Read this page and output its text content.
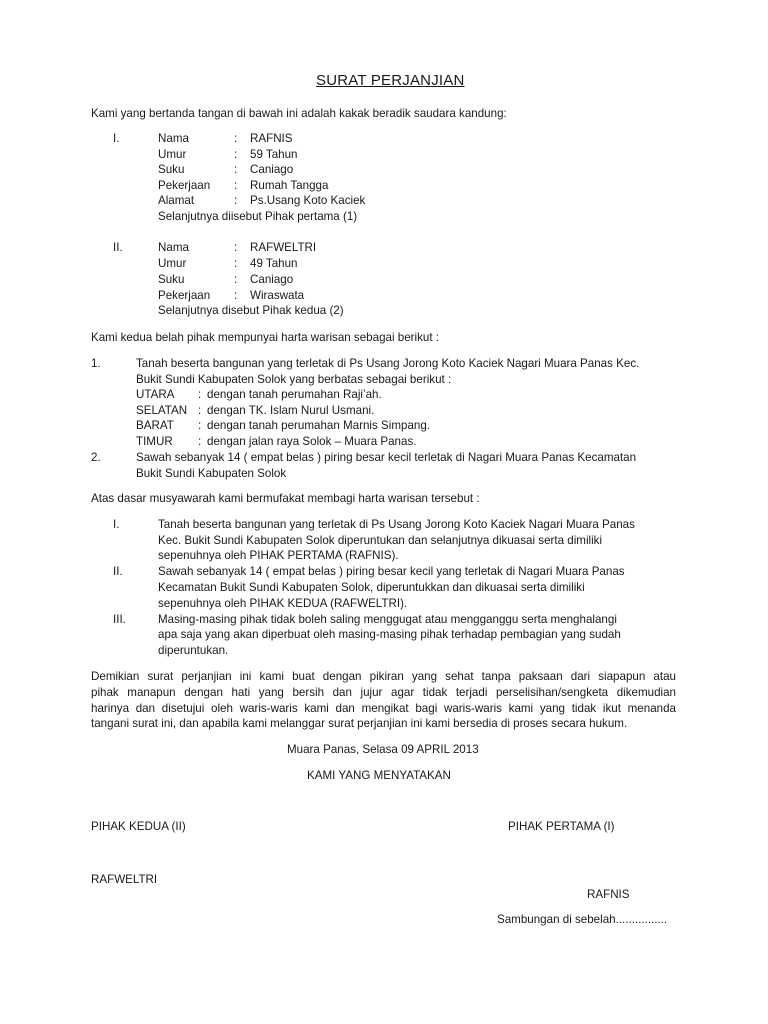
SURAT PERJANJIAN
Kami yang bertanda tangan di bawah ini adalah kakak beradik saudara kandung:
I.	Nama	: RAFNIS
Umur	: 59 Tahun
Suku	: Caniago
Pekerjaan : Rumah Tangga
Alamat	: Ps.Usang Koto Kaciek
Selanjutnya diisebut Pihak pertama (1)
II.	Nama	: RAFWELTRI
Umur	: 49 Tahun
Suku	: Caniago
Pekerjaan : Wiraswata
Selanjutnya disebut Pihak kedua (2)
Kami kedua belah pihak mempunyai harta warisan sebagai berikut :
1.	Tanah beserta bangunan yang terletak di Ps Usang Jorong Koto Kaciek Nagari Muara Panas Kec.
Bukit Sundi Kabupaten Solok yang berbatas sebagai berikut :
UTARA : dengan tanah perumahan Raji’ah.
SELATAN : dengan TK. Islam Nurul Usmani.
BARAT : dengan tanah perumahan Marnis Simpang.
TIMUR : dengan jalan raya Solok – Muara Panas.
2.	Sawah sebanyak 14 ( empat belas ) piring besar kecil terletak di Nagari Muara Panas Kecamatan
Bukit Sundi Kabupaten Solok
Atas dasar musyawarah kami bermufakat membagi harta warisan tersebut :
I.	Tanah beserta bangunan yang terletak di Ps Usang Jorong Koto Kaciek Nagari Muara Panas
Kec. Bukit Sundi Kabupaten Solok diperuntukan dan selanjutnya dikuasai serta dimiliki
sepenuhnya oleh PIHAK PERTAMA (RAFNIS).
II.	Sawah sebanyak 14 ( empat belas ) piring besar kecil yang terletak di Nagari Muara Panas
Kecamatan Bukit Sundi Kabupaten Solok, diperuntukkan dan dikuasai serta dimiliki
sepenuhnya oleh PIHAK KEDUA (RAFWELTRI).
III.	Masing-masing pihak tidak boleh saling menggugat atau mengganggu serta menghalangi
apa saja yang akan diperbuat oleh masing-masing pihak terhadap pembagian yang sudah
diperuntukan.
Demikian surat perjanjian ini kami buat dengan pikiran yang sehat tanpa paksaan dari siapapun atau
pihak manapun dengan hati yang bersih dan jujur agar tidak terjadi perselisihan/sengketa dikemudian
harinya dan disetujui oleh waris-waris kami dan mengikat bagi waris-waris kami yang tidak ikut menanda
tangani surat ini, dan apabila kami melanggar surat perjanjian ini kami bersedia di proses secara hukum.
Muara Panas, Selasa 09 APRIL 2013
KAMI YANG MENYATAKAN
PIHAK KEDUA (II)	PIHAK PERTAMA (I)
RAFWELTRI
RAFNIS
Sambungan di sebelah................
